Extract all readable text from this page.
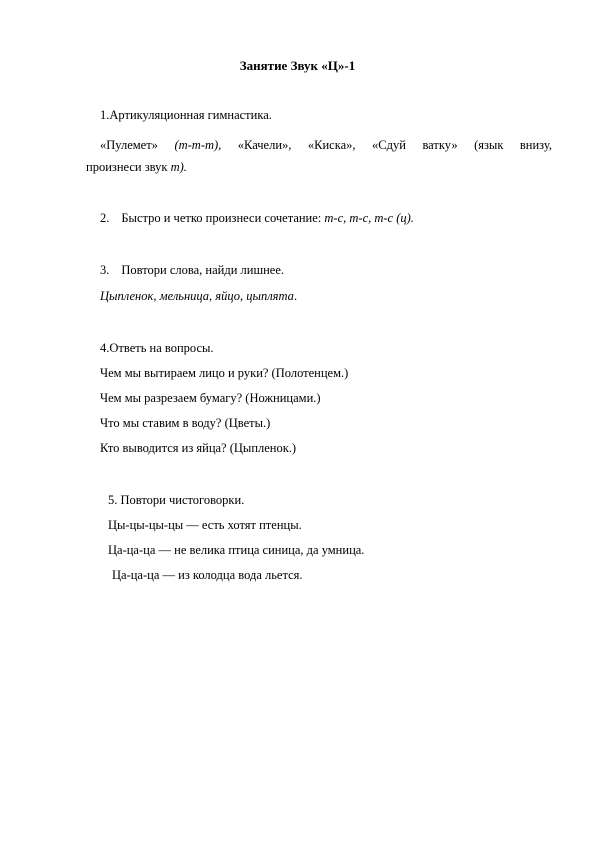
Занятие Звук «Ц»-1
1.Артикуляционная гимнастика.
«Пулемет» (т-т-т), «Качели», «Киска», «Сдуй ватку» (язык внизу,
произнеси звук т).
2. Быстро и четко произнеси сочетание: т-с, т-с, т-с (ц).
3. Повтори слова, найди лишнее.
Цыпленок, мельница, яйцо, цыплята.
4.Ответь на вопросы.
Чем мы вытираем лицо и руки? (Полотенцем.)
Чем мы разрезаем бумагу? (Ножницами.)
Что мы ставим в воду? (Цветы.)
Кто выводится из яйца? (Цыпленок.)
5. Повтори чистоговорки.
Цы-цы-цы-цы — есть хотят птенцы.
Ца-ца-ца — не велика птица синица, да умница.
Ца-ца-ца — из колодца вода льется.
